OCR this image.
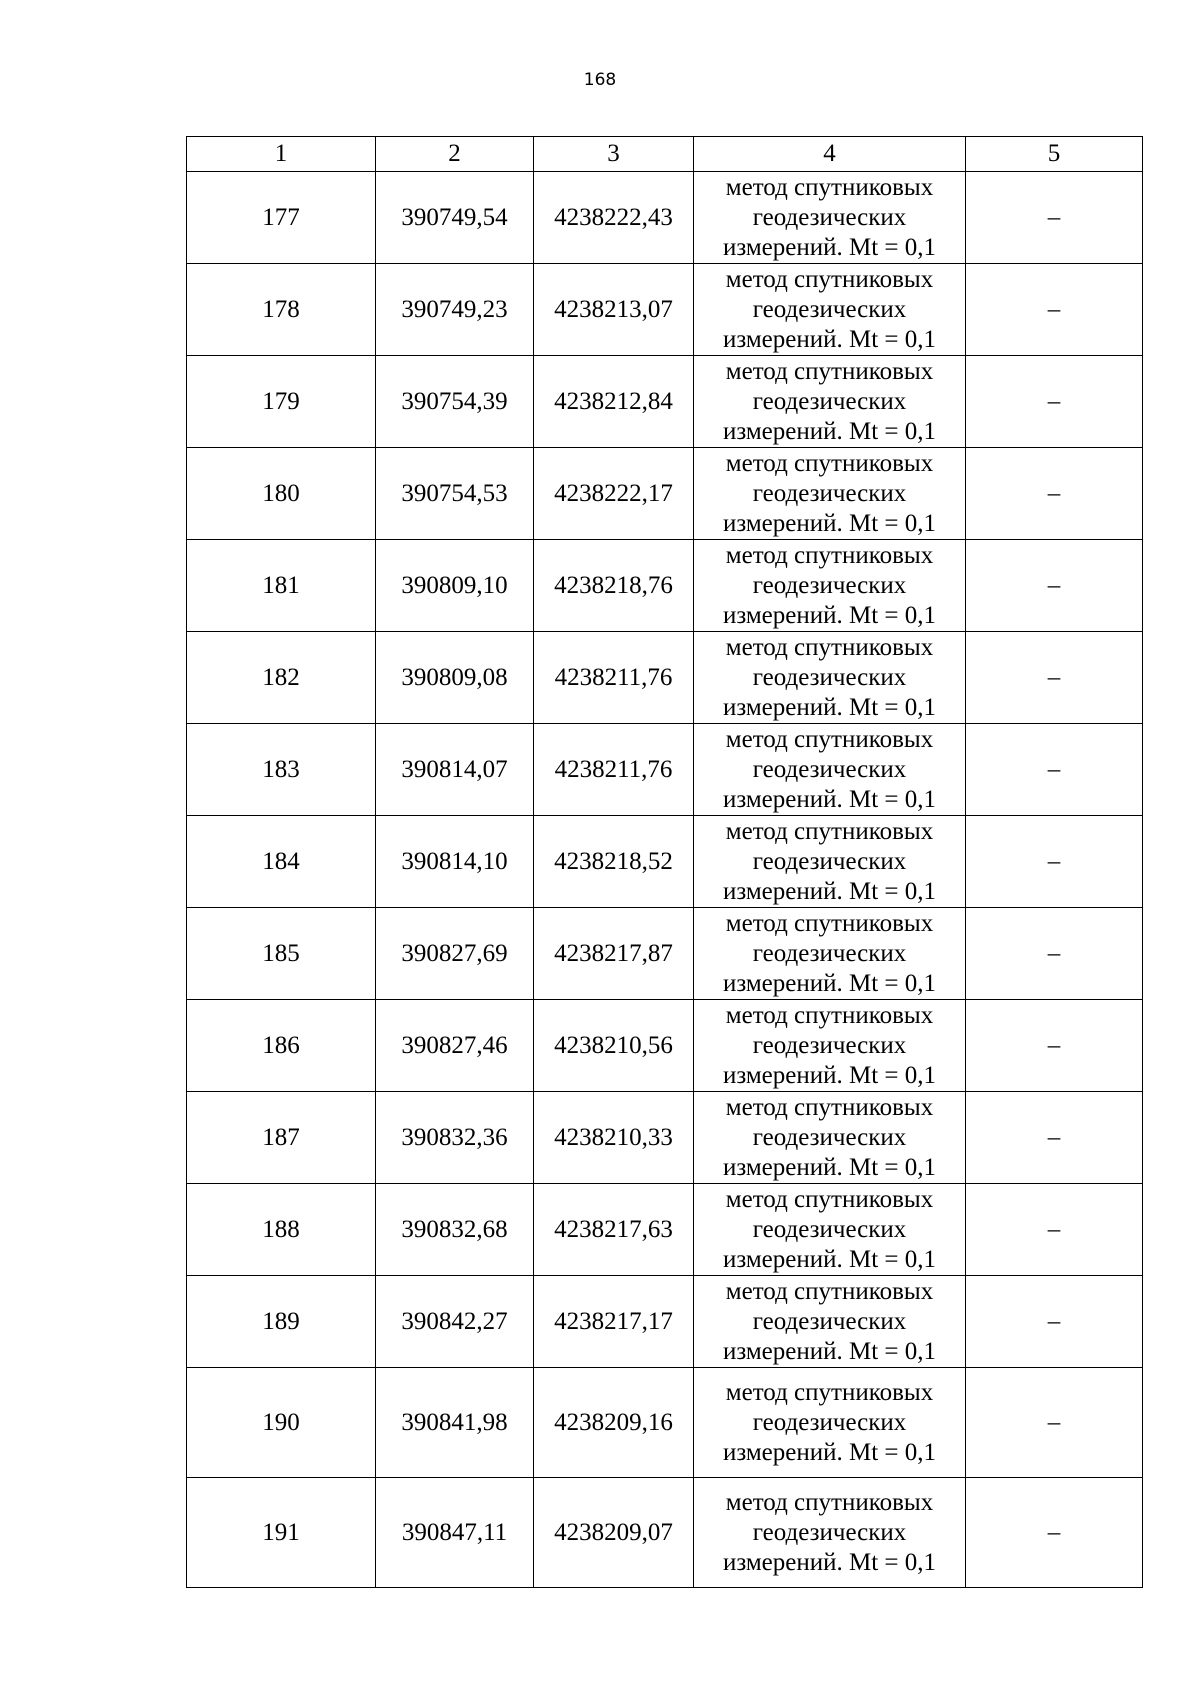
168
1	2	3	4	5
177	390749,54	4238222,43	метод спутниковых
геодезических
измерений. Mt = 0,1	–
178	390749,23	4238213,07	метод спутниковых
геодезических
измерений. Mt = 0,1	–
179	390754,39	4238212,84	метод спутниковых
геодезических
измерений. Mt = 0,1	–
180	390754,53	4238222,17	метод спутниковых
геодезических
измерений. Mt = 0,1	–
181	390809,10	4238218,76	метод спутниковых
геодезических
измерений. Mt = 0,1	–
182	390809,08	4238211,76	метод спутниковых
геодезических
измерений. Mt = 0,1	–
183	390814,07	4238211,76	метод спутниковых
геодезических
измерений. Mt = 0,1	–
184	390814,10	4238218,52	метод спутниковых
геодезических
измерений. Mt = 0,1	–
185	390827,69	4238217,87	метод спутниковых
геодезических
измерений. Mt = 0,1	–
186	390827,46	4238210,56	метод спутниковых
геодезических
измерений. Mt = 0,1	–
187	390832,36	4238210,33	метод спутниковых
геодезических
измерений. Mt = 0,1	–
188	390832,68	4238217,63	метод спутниковых
геодезических
измерений. Mt = 0,1	–
189	390842,27	4238217,17	метод спутниковых
геодезических
измерений. Mt = 0,1	–
190	390841,98	4238209,16	метод спутниковых
геодезических
измерений. Mt = 0,1	–
191	390847,11	4238209,07	метод спутниковых
геодезических
измерений. Mt = 0,1	–
